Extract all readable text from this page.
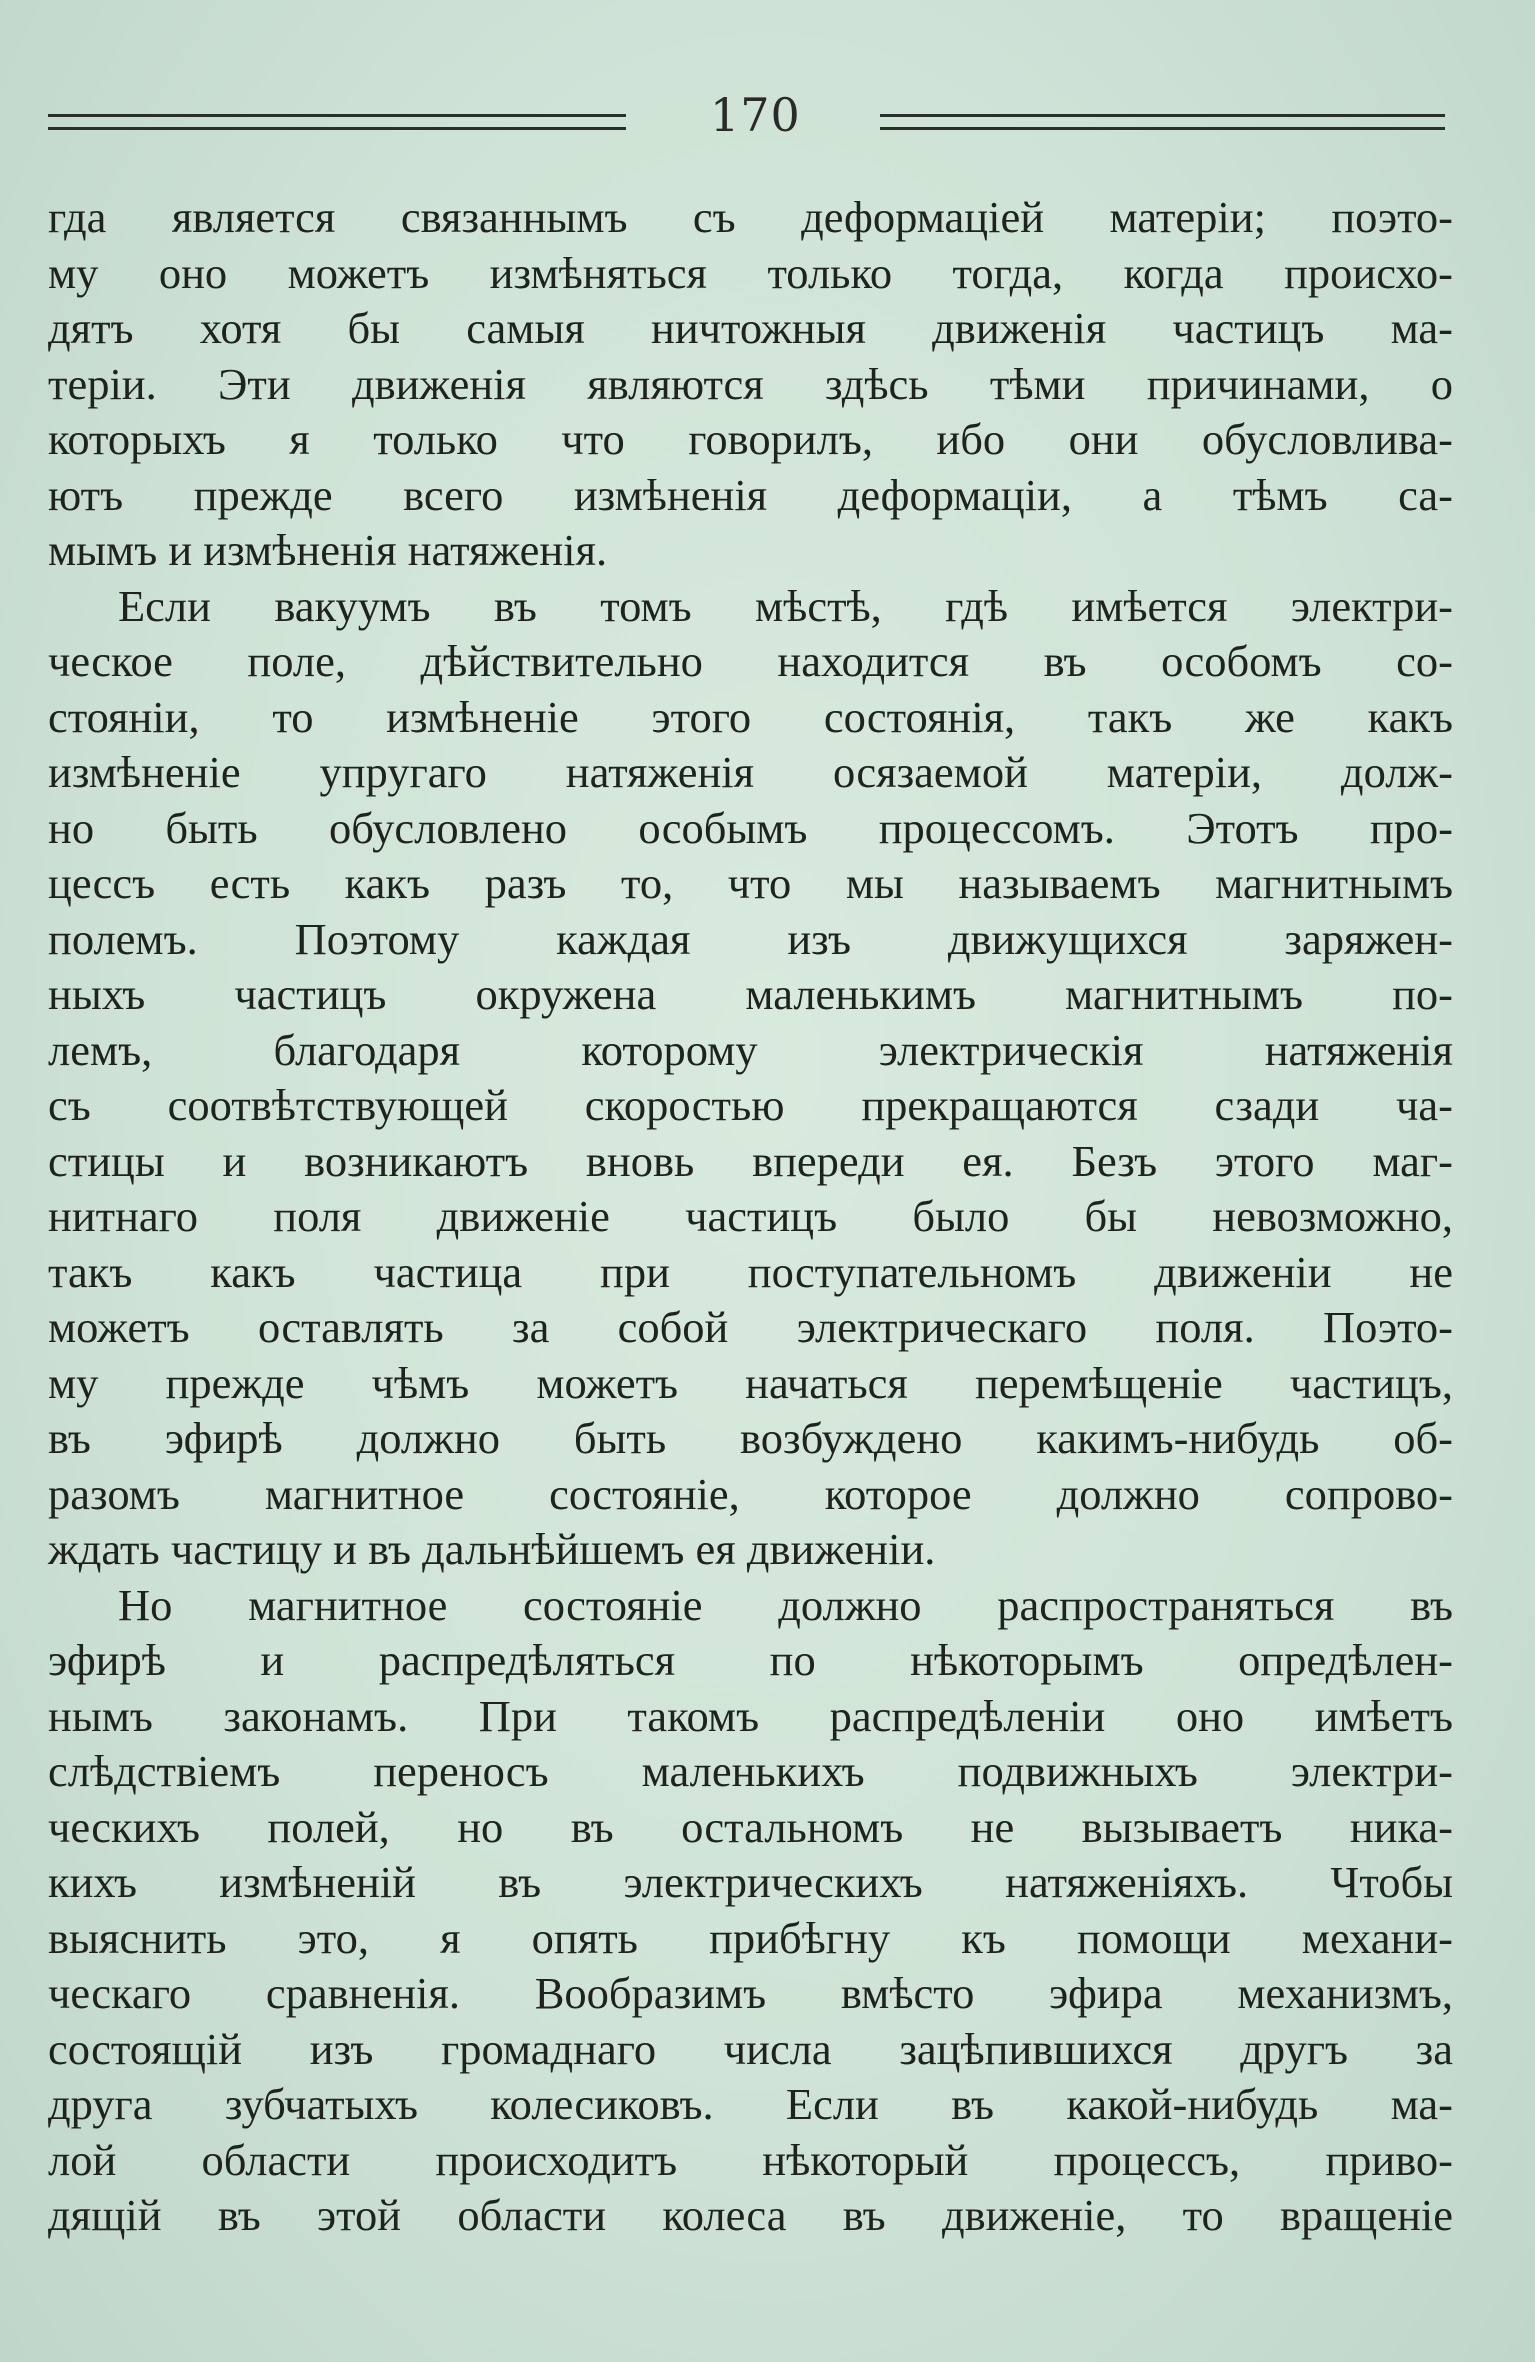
170
гда является связаннымъ съ деформаціей матеріи; поэто-
му оно можетъ измѣняться только тогда, когда происхо-
дятъ хотя бы самыя ничтожныя движенія частицъ ма-
теріи. Эти движенія являются здѣсь тѣми причинами, о
которыхъ я только что говорилъ, ибо они обусловлива-
ютъ прежде всего измѣненія деформаціи, а тѣмъ са-
мымъ и измѣненія натяженія.
Если вакуумъ въ томъ мѣстѣ, гдѣ имѣется электри-
ческое поле, дѣйствительно находится въ особомъ со-
стояніи, то измѣненіе этого состоянія, такъ же какъ
измѣненіе упругаго натяженія осязаемой матеріи, долж-
но быть обусловлено особымъ процессомъ. Этотъ про-
цессъ есть какъ разъ то, что мы называемъ магнитнымъ
полемъ. Поэтому каждая изъ движущихся заряжен-
ныхъ частицъ окружена маленькимъ магнитнымъ по-
лемъ, благодаря которому электрическія натяженія
съ соотвѣтствующей скоростью прекращаются сзади ча-
стицы и возникаютъ вновь впереди ея. Безъ этого маг-
нитнаго поля движеніе частицъ было бы невозможно,
такъ какъ частица при поступательномъ движеніи не
можетъ оставлять за собой электрическаго поля. Поэто-
му прежде чѣмъ можетъ начаться перемѣщеніе частицъ,
въ эфирѣ должно быть возбуждено какимъ-нибудь об-
разомъ магнитное состояніе, которое должно сопрово-
ждать частицу и въ дальнѣйшемъ ея движеніи.
Но магнитное состояніе должно распространяться въ
эфирѣ и распредѣляться по нѣкоторымъ опредѣлен-
нымъ законамъ. При такомъ распредѣленіи оно имѣетъ
слѣдствіемъ переносъ маленькихъ подвижныхъ электри-
ческихъ полей, но въ остальномъ не вызываетъ ника-
кихъ измѣненій въ электрическихъ натяженіяхъ. Чтобы
выяснить это, я опять прибѣгну къ помощи механи-
ческаго сравненія. Вообразимъ вмѣсто эфира механизмъ,
состоящій изъ громаднаго числа зацѣпившихся другъ за
друга зубчатыхъ колесиковъ. Если въ какой-нибудь ма-
лой области происходитъ нѣкоторый процессъ, приво-
дящій въ этой области колеса въ движеніе, то вращеніе
